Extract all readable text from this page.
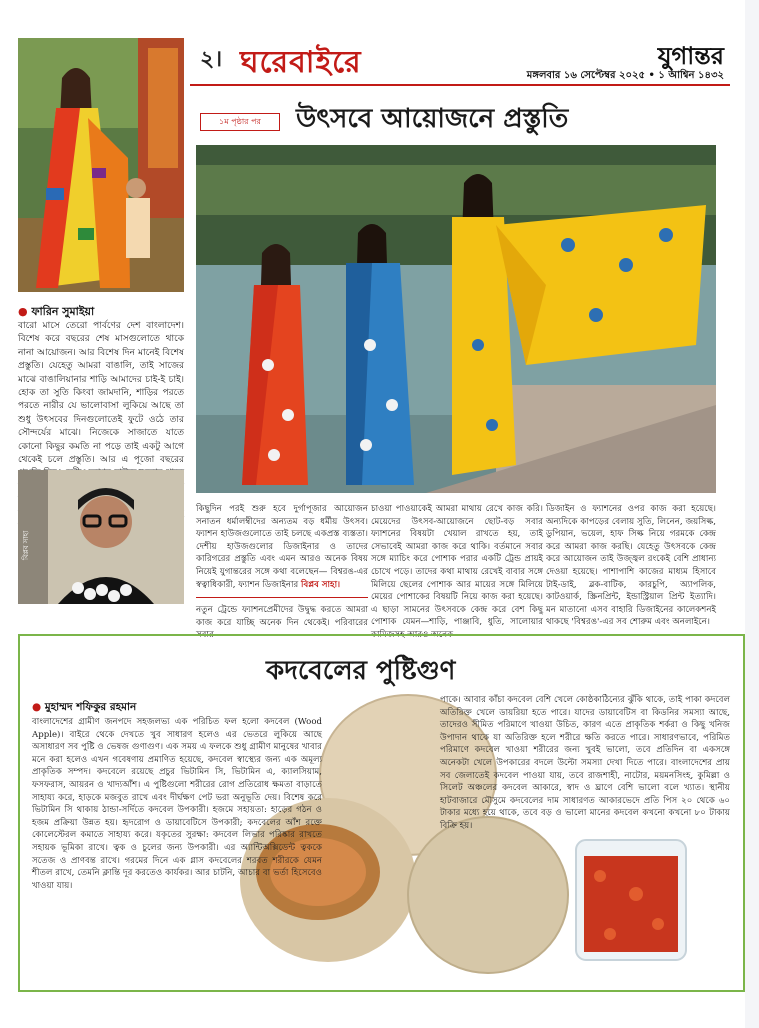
২। ঘরেবাইরে	যুগান্তর
মঙ্গলবার ১৬ সেপ্টেম্বর ২০২৫ • ১ আশ্বিন ১৪৩২
● ফারিন সুমাইয়া
বারো মাসে তেরো পার্বণের দেশ বাংলাদেশ। বিশেষ করে বছরের শেষ মাসগুলোতে থাকে নানা আয়োজন। আর বিশেষ দিন মানেই বিশেষ প্রস্তুতি। যেহেতু আমরা বাঙালি, তাই সাজের মাঝে বাঙালিয়ানার শাড়ি আমাদের চাই-ই চাই। হোক তা সুতি কিংবা জামদানি, শাড়ির পরতে পরতে নারীর যে ভালোবাসা লুকিয়ে আছে তা শুধু উৎসবের দিনগুলোতেই ফুটে ওঠে তার সৌন্দর্যের মাঝে। নিজেকে সাজাতে যাতে কোনো কিছুর কমতি না পড়ে তাই একটু আগে থেকেই চলে প্রস্তুতি। আর এ পূজো বছরের
বিপ্লব সাহা
১ম পৃষ্ঠার পর	উৎসবে আয়োজনে প্রস্তুতি
কিছুদিন পরই শুরু হবে দুর্গাপূজার আয়োজন সনাতন ধর্মালম্বীদের অন্যতম বড় ধর্মীয় উৎসব। ফ্যাশন হাউজগুলোতে তাই চলছে একপ্রস্ত ব্যস্ততা। দেশীয় হাউজগুলোর ডিজাইনার ও তাদের কারিগরের প্রস্তুতি এবং এমন আরও অনেক বিষয় নিয়েই যুগান্তরের সঙ্গে কথা বলেছেন— বিশ্বরঙ-এর স্বত্বাধিকারী, ফ্যাশন ডিজাইনার বিপ্লব সাহা।
নতুন ট্রেন্ডে ফ্যাশনপ্রেমীদের উদ্বুদ্ধ করতে আমরা কাজ করে যাচ্ছি অনেক দিন থেকেই। পরিবারের সবার
চাওয়া পাওয়াকেই আমরা মাথায় রেখে কাজ করি। মেয়েদের উৎসব-আয়োজনে ছোট-বড় সবার ফ্যাশনের বিষয়টা খেয়াল রাখতে হয়, তাই সেভাবেই আমরা কাজ করে থাকি। বর্তমানে সবার সঙ্গে ম্যাচিং করে পোশাক পরার একটি ট্রেন্ড প্রায়ই চোখে পড়ে। তাদের কথা মাথায় রেখেই বাবার সঙ্গে মিলিয়ে ছেলের পোশাক আর মায়ের সঙ্গে মিলিয়ে মেয়ের পোশাকের বিষয়টি নিয়ে কাজ করা হয়েছে। এ ছাড়া সামনের উৎসবকে কেন্দ্র করে বেশ কিছু পোশাক যেমন—শাড়ি, পাঞ্জাবি, ধুতি, সালোয়ার কামিজসহ আরও অনেক
ডিজাইন ও ফ্যাশনের ওপর কাজ করা হয়েছে। অন্যদিকে কাপড়ের বেলায় সুতি, লিনেন, জয়সিল্ক, ডুপিয়ান, ভয়েল, হাফ সিল্ক নিয়ে গরমকে কেন্দ্র করে আমরা কাজ করছি। যেহেতু উৎসবকে কেন্দ্র করে আয়োজন তাই উজ্জ্বল রংকেই বেশি প্রাধান্য দেওয়া হয়েছে। পাশাপাশি কাজের মাধ্যম হিসাবে টাই-ডাই, ব্লক-বাটিক, কারচুপি, অ্যাপলিক, কাটওয়ার্ক, স্ক্রিনপ্রিন্ট, ইন্ডাস্ট্রিয়াল প্রিন্ট ইত্যাদি। মন মাতানো এসব বাহারি ডিজাইনের কালেকশনই থাকছে 'বিশ্বরঙ'-এর সব শোরুম এবং অনলাইনে।
কদবেলের পুষ্টিগুণ
● মুহাম্মদ শফিকুর রহমান
বাংলাদেশের গ্রামীণ জনপদে সহজলভ্য এক পরিচিত ফল হলো কদবেল (Wood Apple)। বাইরে থেকে দেখতে খুব সাধারণ হলেও এর ভেতরে লুকিয়ে আছে অসাধারণ সব পুষ্টি ও ভেষজ গুণাগুণ। এক সময় এ ফলকে শুধু গ্রামীণ মানুষের খাবার মনে করা হলেও এখন গবেষণায় প্রমাণিত হয়েছে, কদবেল স্বাস্থ্যের জন্য এক অমূল্য প্রাকৃতিক সম্পদ। কদবেলে রয়েছে প্রচুর ভিটামিন সি, ভিটামিন এ, ক্যালসিয়াম, ফসফরাস, আয়রন ও খাদ্যআঁশ। এ পুষ্টিগুলো শরীরের রোগ প্রতিরোধ ক্ষমতা বাড়াতে সাহায্য করে, হাড়কে মজবুত রাখে এবং দীর্ঘক্ষণ পেট ভরা অনুভূতি দেয়। বিশেষ করে ভিটামিন সি থাকায় ঠান্ডা-সর্দিতে কদবেল উপকারী। হজমে সহায়তা: হাড়ের গঠন ও হজম প্রক্রিয়া উন্নত হয়। হৃদরোগ ও ডায়াবেটিসে উপকারী; কদবেলের আঁশ রক্তে কোলেস্টেরল কমাতে সাহায্য করে। যকৃতের সুরক্ষা: কদবেল লিভার পরিষ্কার রাখতে সহায়ক ভূমিকা রাখে। ত্বক ও চুলের জন্য উপকারী। এর অ্যান্টিঅক্সিডেন্ট ত্বককে সতেজ ও প্রাণবন্ত রাখে। গরমের দিনে এক গ্লাস কদবেলের শরবত শরীরকে যেমন শীতল রাখে, তেমনি ক্লান্তি দূর করতেও কার্যকর। আর চাটনি, আচার বা ভর্তা হিসেবেও খাওয়া যায়।
পাকে। আবার কাঁচা কদবেল বেশি খেলে কোষ্ঠকাঠিন্যের ঝুঁকি থাকে, তাই পাকা কদবেল অতিরিক্ত খেলে ডায়রিয়া হতে পারে। যাদের ডায়াবেটিস বা কিডনির সমস্যা আছে, তাদেরও সীমিত পরিমাণে খাওয়া উচিত, কারণ এতে প্রাকৃতিক শর্করা ও কিছু খনিজ উপাদান থাকে যা অতিরিক্ত হলে শরীরে ক্ষতি করতে পারে। সাধারণভাবে, পরিমিত পরিমাণে কদবেল খাওয়া শরীরের জন্য খুবই ভালো, তবে প্রতিদিন বা একসঙ্গে অনেকটা খেলে উপকারের বদলে উল্টো সমস্যা দেখা দিতে পারে। বাংলাদেশের প্রায় সব জেলাতেই কদবেল পাওয়া যায়, তবে রাজশাহী, নাটোর, ময়মনসিংহ, কুমিল্লা ও সিলেট অঞ্চলের কদবেল আকারে, স্বাদ ও ঘ্রাণে বেশি ভালো বলে খ্যাত। স্থানীয় হাটবাজারে মৌসুমে কদবেলের দাম সাধারণত আকারভেদে প্রতি পিস ২০ থেকে ৬০ টাকার মধ্যে হয়ে থাকে, তবে বড় ও ভালো মানের কদবেল কখনো কখনো ৮০ টাকায় বিক্রি হয়।
